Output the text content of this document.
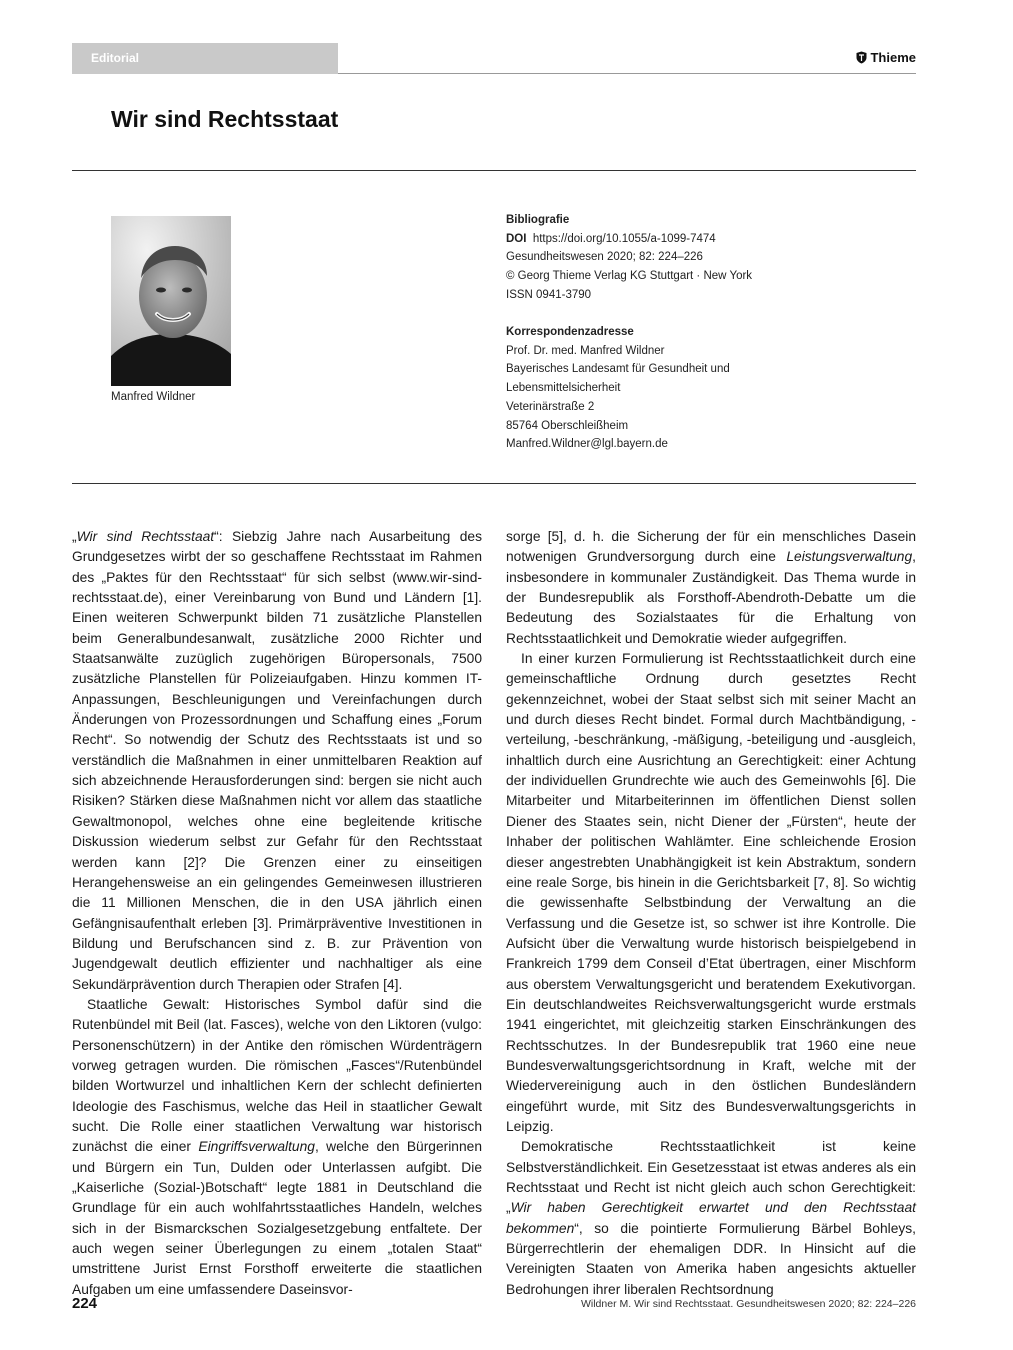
Editorial	Thieme
Wir sind Rechtsstaat
Manfred Wildner
Bibliografie
DOI https://doi.org/10.1055/a-1099-7474
Gesundheitswesen 2020; 82: 224–226
© Georg Thieme Verlag KG Stuttgart · New York
ISSN 0941-3790
Korrespondenzadresse
Prof. Dr. med. Manfred Wildner
Bayerisches Landesamt für Gesundheit und
Lebensmittelsicherheit
Veterinärstraße 2
85764 Oberschleißheim
Manfred.Wildner@lgl.bayern.de

„Wir sind Rechtsstaat“: Siebzig Jahre nach Ausarbeitung des Grundgesetzes wirbt der so geschaffene Rechtsstaat im Rahmen des „Paktes für den Rechtsstaat“ für sich selbst (www.wir-sind-rechtsstaat.de), einer Vereinbarung von Bund und Ländern [1]. Einen weiteren Schwerpunkt bilden 71 zusätzliche Planstellen beim Generalbundesanwalt, zusätzliche 2000 Richter und Staatsanwälte zuzüglich zugehörigen Büropersonals, 7500 zusätzliche Planstellen für Polizeiaufgaben. Hinzu kommen IT-Anpassungen, Beschleunigungen und Vereinfachungen durch Änderungen von Prozessordnungen und Schaffung eines „Forum Recht“. So notwendig der Schutz des Rechtsstaats ist und so verständlich die Maßnahmen in einer unmittelbaren Reaktion auf sich abzeichnende Herausforderungen sind: bergen sie nicht auch Risiken? Stärken diese Maßnahmen nicht vor allem das staatliche Gewaltmonopol, welches ohne eine begleitende kritische Diskussion wiederum selbst zur Gefahr für den Rechtsstaat werden kann [2]? Die Grenzen einer zu einseitigen Herangehensweise an ein gelingendes Gemeinwesen illustrieren die 11 Millionen Menschen, die in den USA jährlich einen Gefängnisaufenthalt erleben [3]. Primärpräventive Investitionen in Bildung und Berufschancen sind z. B. zur Prävention von Jugendgewalt deutlich effizienter und nachhaltiger als eine Sekundärprävention durch Therapien oder Strafen [4].

Staatliche Gewalt: Historisches Symbol dafür sind die Rutenbündel mit Beil (lat. Fasces), welche von den Liktoren (vulgo: Personenschützern) in der Antike den römischen Würdenträgern vorweg getragen wurden. Die römischen „Fasces“/Rutenbündel bilden Wortwurzel und inhaltlichen Kern der schlecht definierten Ideologie des Faschismus, welche das Heil in staatlicher Gewalt sucht. Die Rolle einer staatlichen Verwaltung war historisch zunächst die einer Eingriffsverwaltung, welche den Bürgerinnen und Bürgern ein Tun, Dulden oder Unterlassen aufgibt. Die „Kaiserliche (Sozial-)Botschaft“ legte 1881 in Deutschland die Grundlage für ein auch wohlfahrtsstaatliches Handeln, welches sich in der Bismarckschen Sozialgesetzgebung entfaltete. Der auch wegen seiner Überlegungen zu einem „totalen Staat“ umstrittene Jurist Ernst Forsthoff erweiterte die staatlichen Aufgaben um eine umfassendere Daseinsvor-

sorge [5], d. h. die Sicherung der für ein menschliches Dasein notwenigen Grundversorgung durch eine Leistungsverwaltung, insbesondere in kommunaler Zuständigkeit. Das Thema wurde in der Bundesrepublik als Forsthoff-Abendroth-Debatte um die Bedeutung des Sozialstaates für die Erhaltung von Rechtsstaatlichkeit und Demokratie wieder aufgegriffen.

In einer kurzen Formulierung ist Rechtsstaatlichkeit durch eine gemeinschaftliche Ordnung durch gesetztes Recht gekennzeichnet, wobei der Staat selbst sich mit seiner Macht an und durch dieses Recht bindet. Formal durch Machtbändigung, -verteilung, -beschränkung, -mäßigung, -beteiligung und -ausgleich, inhaltlich durch eine Ausrichtung an Gerechtigkeit: einer Achtung der individuellen Grundrechte wie auch des Gemeinwohls [6]. Die Mitarbeiter und Mitarbeiterinnen im öffentlichen Dienst sollen Diener des Staates sein, nicht Diener der „Fürsten“, heute der Inhaber der politischen Wahlämter. Eine schleichende Erosion dieser angestrebten Unabhängigkeit ist kein Abstraktum, sondern eine reale Sorge, bis hinein in die Gerichtsbarkeit [7, 8]. So wichtig die gewissenhafte Selbstbindung der Verwaltung an die Verfassung und die Gesetze ist, so schwer ist ihre Kontrolle. Die Aufsicht über die Verwaltung wurde historisch beispielgebend in Frankreich 1799 dem Conseil d’Etat übertragen, einer Mischform aus oberstem Verwaltungsgericht und beratendem Exekutivorgan. Ein deutschlandweites Reichsverwaltungsgericht wurde erstmals 1941 eingerichtet, mit gleichzeitig starken Einschränkungen des Rechtsschutzes. In der Bundesrepublik trat 1960 eine neue Bundesverwaltungsgerichtsordnung in Kraft, welche mit der Wiedervereinigung auch in den östlichen Bundesländern eingeführt wurde, mit Sitz des Bundesverwaltungsgerichts in Leipzig.

Demokratische Rechtsstaatlichkeit ist keine Selbstverständlichkeit. Ein Gesetzesstaat ist etwas anderes als ein Rechtsstaat und Recht ist nicht gleich auch schon Gerechtigkeit: „Wir haben Gerechtigkeit erwartet und den Rechtsstaat bekommen“, so die pointierte Formulierung Bärbel Bohleys, Bürgerrechtlerin der ehemaligen DDR. In Hinsicht auf die Vereinigten Staaten von Amerika haben angesichts aktueller Bedrohungen ihrer liberalen Rechtsordnung

224	Wildner M. Wir sind Rechtsstaat. Gesundheitswesen 2020; 82: 224–226
